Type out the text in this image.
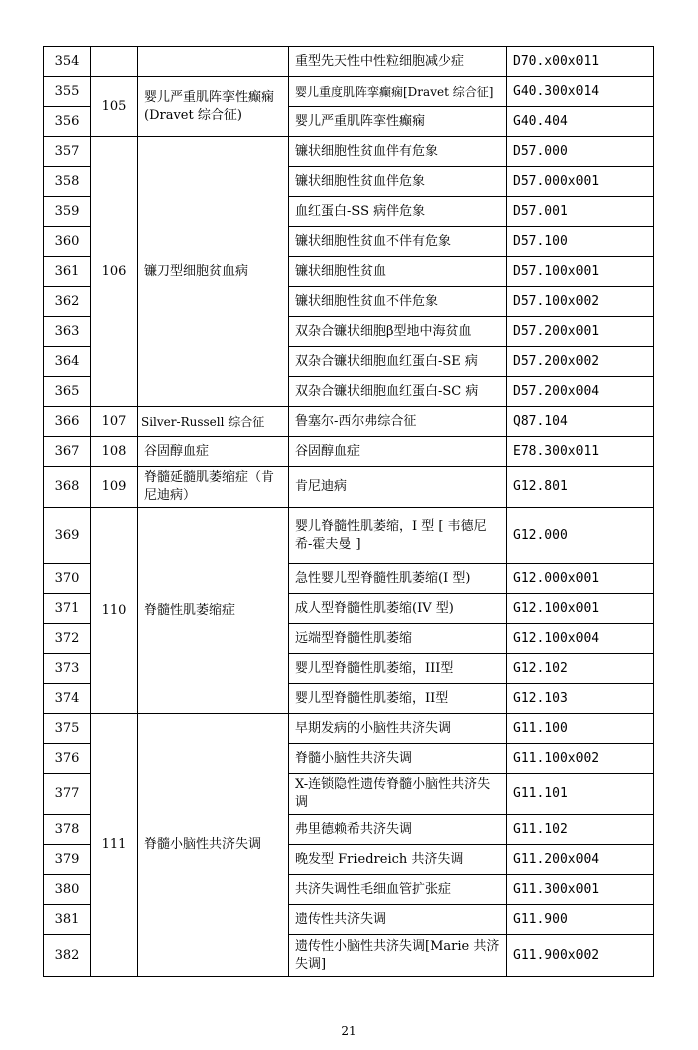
354			重型先天性中性粒细胞减少症	D70.x00x011
355	105	婴儿严重肌阵挛性癫痫(Dravet 综合征)	婴儿重度肌阵挛癫痫[Dravet 综合征]	G40.300x014
356			婴儿严重肌阵挛性癫痫	G40.404
357	106	镰刀型细胞贫血病	镰状细胞性贫血伴有危象	D57.000
358			镰状细胞性贫血伴危象	D57.000x001
359			血红蛋白-SS 病伴危象	D57.001
360			镰状细胞性贫血不伴有危象	D57.100
361			镰状细胞性贫血	D57.100x001
362			镰状细胞性贫血不伴危象	D57.100x002
363			双杂合镰状细胞β型地中海贫血	D57.200x001
364			双杂合镰状细胞血红蛋白-SE 病	D57.200x002
365			双杂合镰状细胞血红蛋白-SC 病	D57.200x004
366	107	Silver-Russell 综合征	鲁塞尔-西尔弗综合征	Q87.104
367	108	谷固醇血症	谷固醇血症	E78.300x011
368	109	脊髓延髓肌萎缩症（肯尼迪病）	肯尼迪病	G12.801
369	110	脊髓性肌萎缩症	婴儿脊髓性肌萎缩，I 型 [ 韦德尼希-霍夫曼 ]	G12.000
370			急性婴儿型脊髓性肌萎缩(I 型)	G12.000x001
371			成人型脊髓性肌萎缩(IV 型)	G12.100x001
372			远端型脊髓性肌萎缩	G12.100x004
373			婴儿型脊髓性肌萎缩，III型	G12.102
374			婴儿型脊髓性肌萎缩，II型	G12.103
375	111	脊髓小脑性共济失调	早期发病的小脑性共济失调	G11.100
376			脊髓小脑性共济失调	G11.100x002
377			X-连锁隐性遗传脊髓小脑性共济失调	G11.101
378			弗里德赖希共济失调	G11.102
379			晚发型 Friedreich 共济失调	G11.200x004
380			共济失调性毛细血管扩张症	G11.300x001
381			遗传性共济失调	G11.900
382			遗传性小脑性共济失调[Marie 共济失调]	G11.900x002
21
